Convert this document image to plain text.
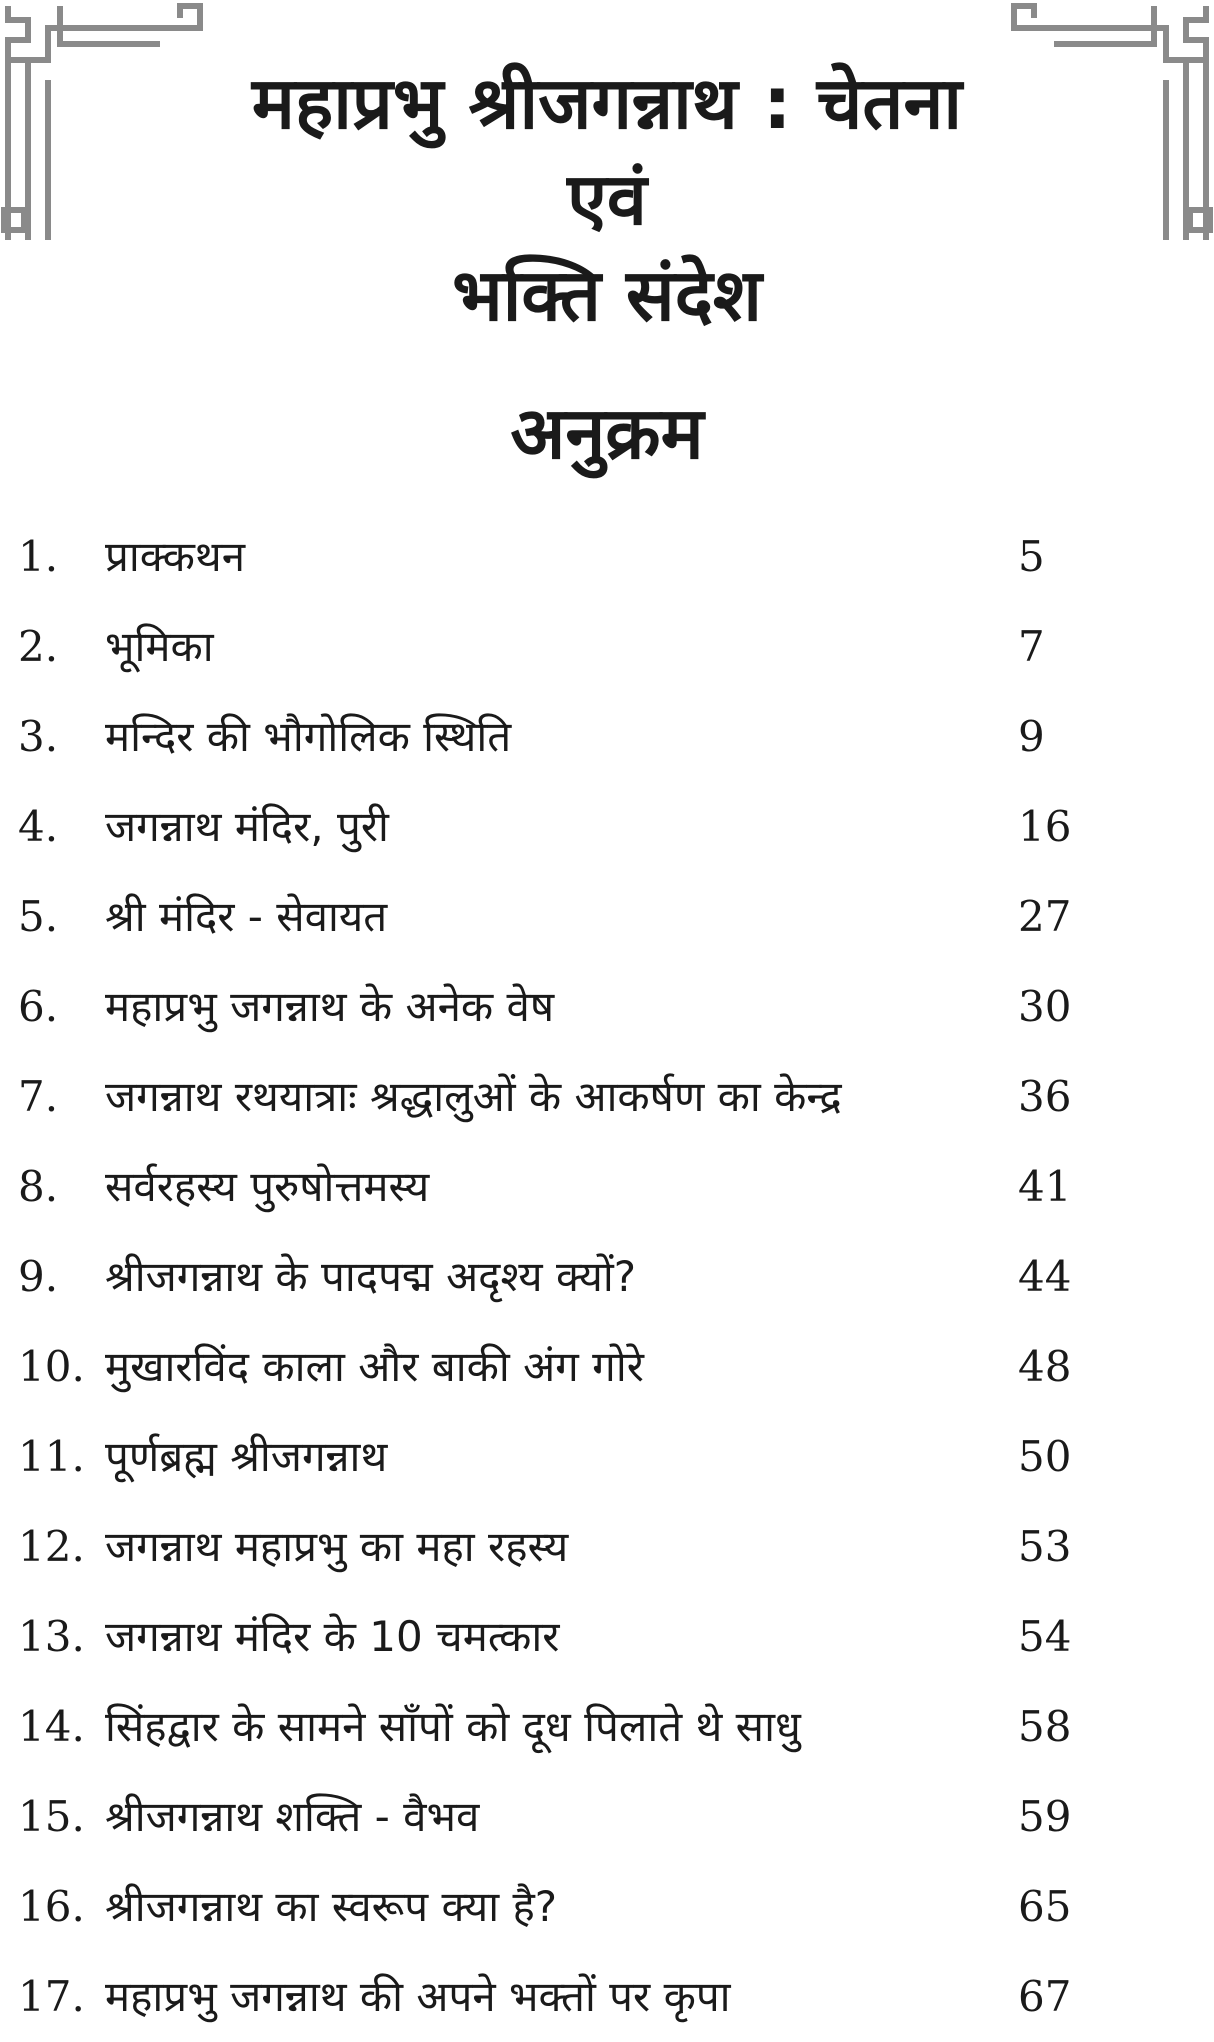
महाप्रभु श्रीजगन्नाथ : चेतना
एवं
भक्ति संदेश
अनुक्रम
1. प्राक्कथन	5
2. भूमिका	7
3. मन्दिर की भौगोलिक स्थिति	9
4. जगन्नाथ मंदिर, पुरी	16
5. श्री मंदिर - सेवायत	27
6. महाप्रभु जगन्नाथ के अनेक वेष	30
7. जगन्नाथ रथयात्राः श्रद्धालुओं के आकर्षण का केन्द्र	36
8. सर्वरहस्य पुरुषोत्तमस्य	41
9. श्रीजगन्नाथ के पादपद्म अदृश्य क्यों?	44
10. मुखारविंद काला और बाकी अंग गोरे	48
11. पूर्णब्रह्म श्रीजगन्नाथ	50
12. जगन्नाथ महाप्रभु का महा रहस्य	53
13. जगन्नाथ मंदिर के 10 चमत्कार	54
14. सिंहद्वार के सामने साँपों को दूध पिलाते थे साधु	58
15. श्रीजगन्नाथ शक्ति - वैभव	59
16. श्रीजगन्नाथ का स्वरूप क्या है?	65
17. महाप्रभु जगन्नाथ की अपने भक्तों पर कृपा	67
